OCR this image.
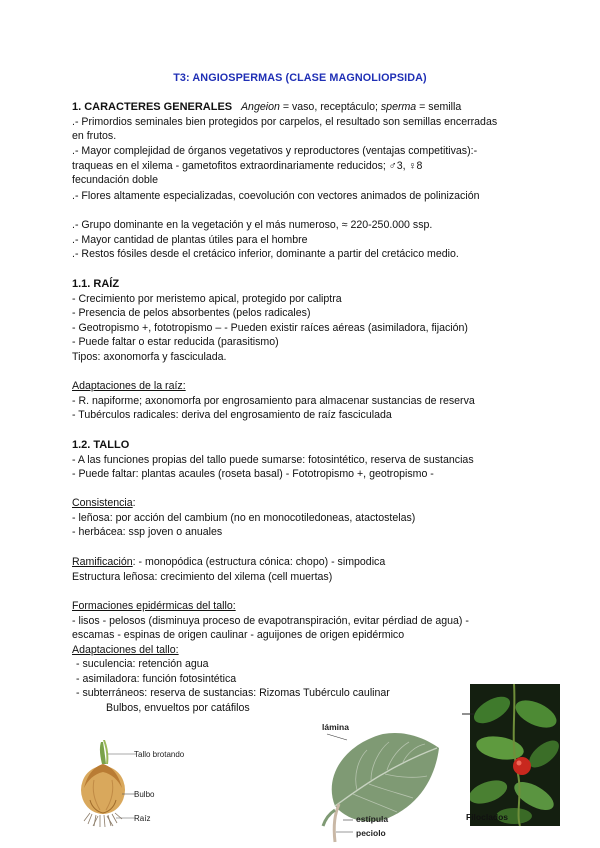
T3: ANGIOSPERMAS (CLASE MAGNOLIOPSIDA)
1. CARACTERES GENERALES Angeion = vaso, receptáculo; sperma = semilla
.- Primordios seminales bien protegidos por carpelos, el resultado son semillas encerradas
en frutos.
.- Mayor complejidad de órganos vegetativos y reproductores (ventajas competitivas):-
traqueas en el xilema - gametofitos extraordinariamente reducidos; ♂3, ♀8
fecundación doble
.- Flores altamente especializadas, coevolución con vectores animados de polinización
.- Grupo dominante en la vegetación y el más numeroso, ≈ 220-250.000 ssp.
.- Mayor cantidad de plantas útiles para el hombre
.- Restos fósiles desde el cretácico inferior, dominante a partir del cretácico medio.
1.1. RAÍZ
- Crecimiento por meristemo apical, protegido por caliptra
- Presencia de pelos absorbentes (pelos radicales)
- Geotropismo +, fototropismo – - Pueden existir raíces aéreas (asimiladora, fijación)
- Puede faltar o estar reducida (parasitismo)
Tipos: axonomorfa y fasciculada.
Adaptaciones de la raíz:
- R. napiforme; axonomorfa por engrosamiento para almacenar sustancias de reserva
- Tubérculos radicales: deriva del engrosamiento de raíz fasciculada
1.2. TALLO
- A las funciones propias del tallo puede sumarse: fotosintético, reserva de sustancias
- Puede faltar: plantas acaules (roseta basal) - Fototropismo +, geotropismo -
Consistencia:
- leñosa: por acción del cambium (no en monocotiledoneas, atactostelas)
- herbácea: ssp joven o anuales
Ramificación: - monopódica (estructura cónica: chopo) - simpodica
Estructura leñosa: crecimiento del xilema (cell muertas)
Formaciones epidérmicas del tallo:
- lisos - pelosos (disminuya proceso de evapotranspiración, evitar pérdiad de agua) -
escamas - espinas de origen caulinar - aguijones de origen epidérmico
Adaptaciones del tallo:
- suculencia: retención agua
- asimiladora: función fotosintética
- subterráneos: reserva de sustancias: Rizomas Tubérculo caulinar
Bulbos, envueltos por catáfilos
Tallo brotando
Bulbo
Raíz
lámina
estípula
peciolo
Filoclados
